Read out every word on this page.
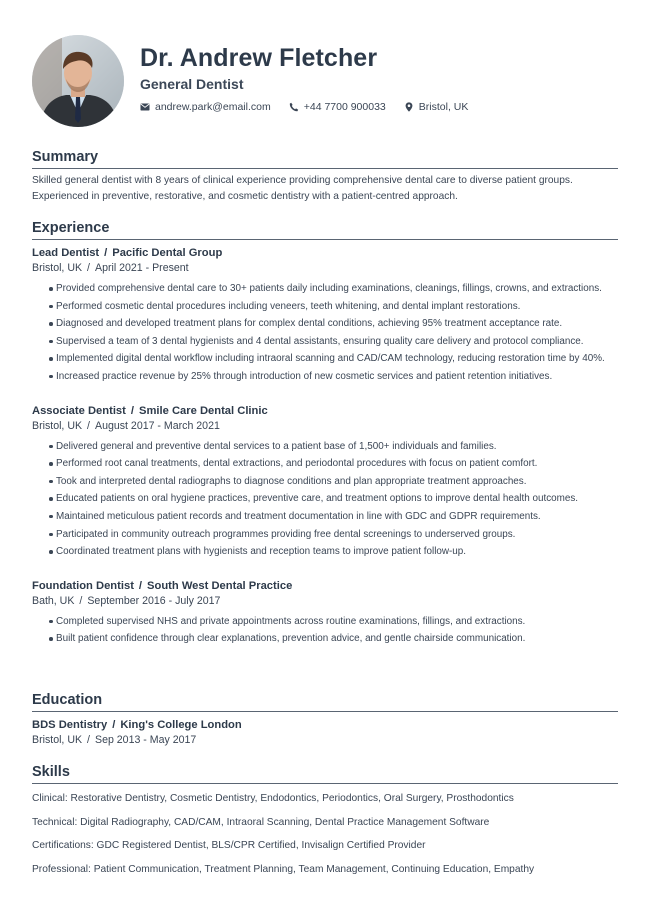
Dr. Andrew Fletcher
General Dentist
andrew.park@email.com	+44 7700 900033	Bristol, UK
Summary
Skilled general dentist with 8 years of clinical experience providing comprehensive dental care to diverse patient groups. Experienced in preventive, restorative, and cosmetic dentistry with a patient-centred approach.
Experience
Lead Dentist / Pacific Dental Group
Bristol, UK / April 2021 - Present
Provided comprehensive dental care to 30+ patients daily including examinations, cleanings, fillings, crowns, and extractions.
Performed cosmetic dental procedures including veneers, teeth whitening, and dental implant restorations.
Diagnosed and developed treatment plans for complex dental conditions, achieving 95% treatment acceptance rate.
Supervised a team of 3 dental hygienists and 4 dental assistants, ensuring quality care delivery and protocol compliance.
Implemented digital dental workflow including intraoral scanning and CAD/CAM technology, reducing restoration time by 40%.
Increased practice revenue by 25% through introduction of new cosmetic services and patient retention initiatives.
Associate Dentist / Smile Care Dental Clinic
Bristol, UK / August 2017 - March 2021
Delivered general and preventive dental services to a patient base of 1,500+ individuals and families.
Performed root canal treatments, dental extractions, and periodontal procedures with focus on patient comfort.
Took and interpreted dental radiographs to diagnose conditions and plan appropriate treatment approaches.
Educated patients on oral hygiene practices, preventive care, and treatment options to improve dental health outcomes.
Maintained meticulous patient records and treatment documentation in line with GDC and GDPR requirements.
Participated in community outreach programmes providing free dental screenings to underserved groups.
Coordinated treatment plans with hygienists and reception teams to improve patient follow-up.
Foundation Dentist / South West Dental Practice
Bath, UK / September 2016 - July 2017
Completed supervised NHS and private appointments across routine examinations, fillings, and extractions.
Built patient confidence through clear explanations, prevention advice, and gentle chairside communication.
Education
BDS Dentistry / King's College London
Bristol, UK / Sep 2013 - May 2017
Skills
Clinical: Restorative Dentistry, Cosmetic Dentistry, Endodontics, Periodontics, Oral Surgery, Prosthodontics
Technical: Digital Radiography, CAD/CAM, Intraoral Scanning, Dental Practice Management Software
Certifications: GDC Registered Dentist, BLS/CPR Certified, Invisalign Certified Provider
Professional: Patient Communication, Treatment Planning, Team Management, Continuing Education, Empathy
